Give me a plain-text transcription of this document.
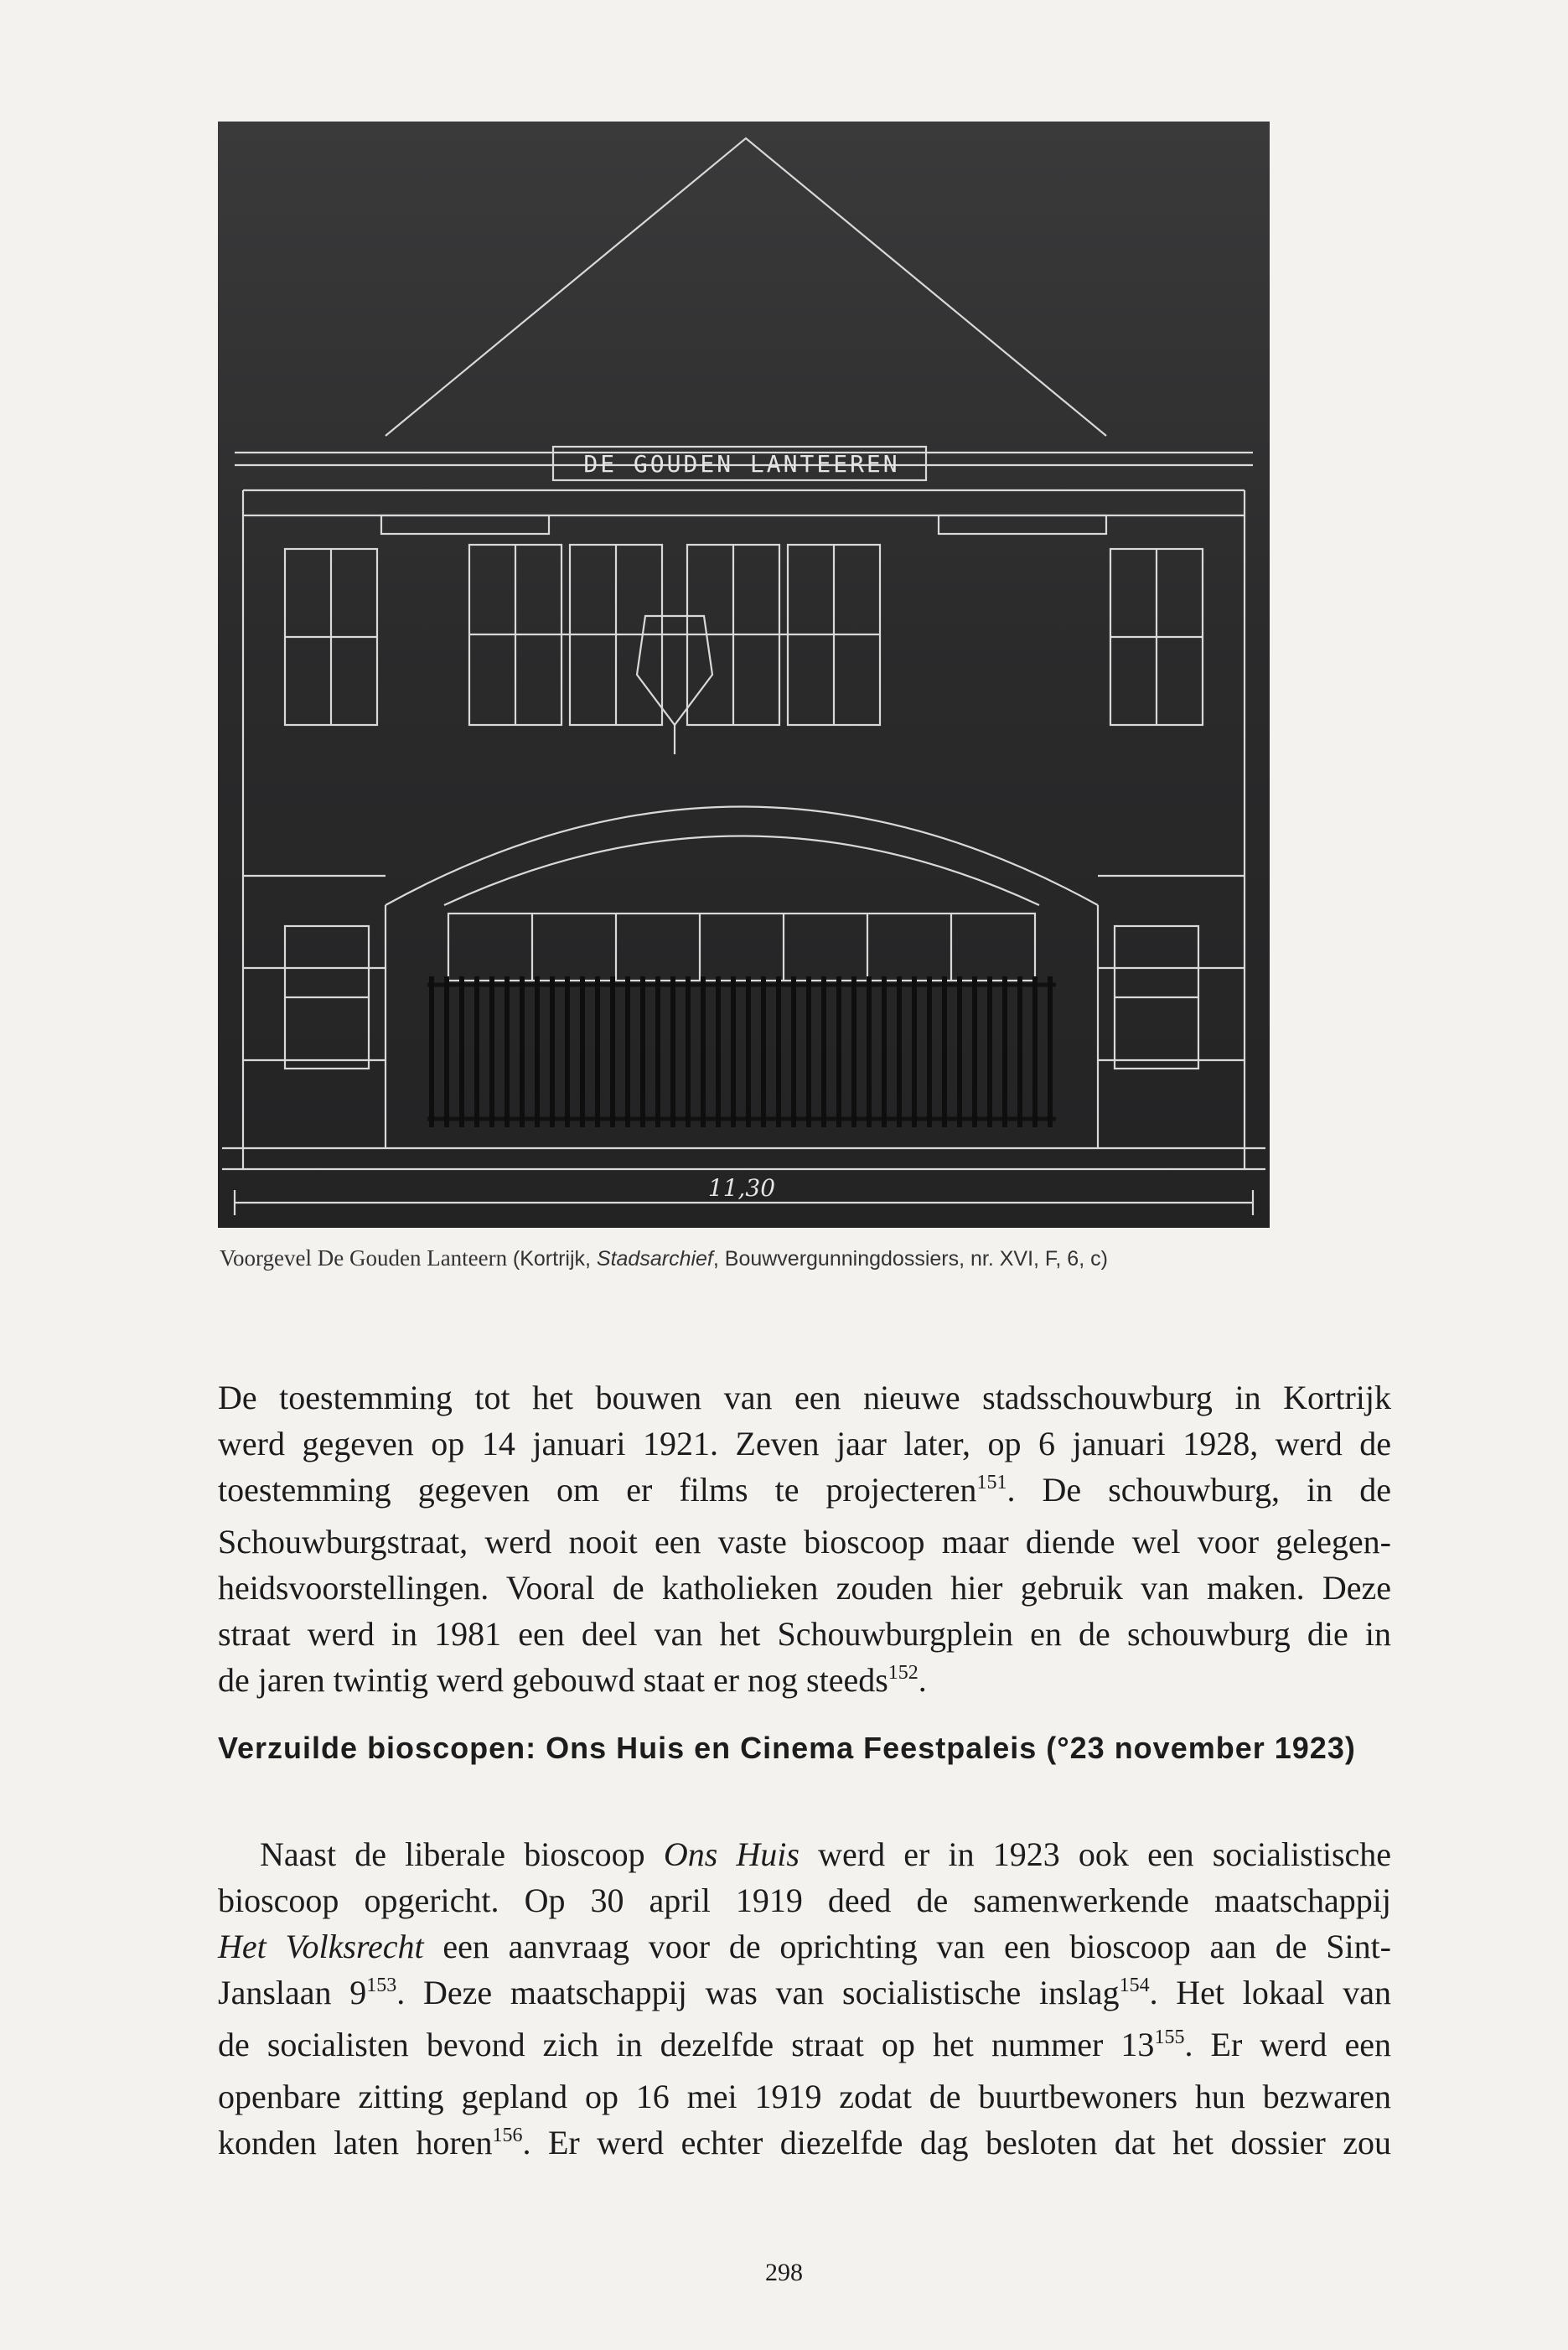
DE GOUDEN LANTEEREN
11,30
Voorgevel De Gouden Lanteern (Kortrijk, Stadsarchief, Bouwvergunningdossiers, nr. XVI, F, 6, c)
De toestemming tot het bouwen van een nieuwe stadsschouwburg in Kortrijk
werd gegeven op 14 januari 1921. Zeven jaar later, op 6 januari 1928, werd de
toestemming gegeven om er films te projecteren$^{151}$. De schouwburg, in de
Schouwburgstraat, werd nooit een vaste bioscoop maar diende wel voor gelegen-
heidsvoorstellingen. Vooral de katholieken zouden hier gebruik van maken. Deze
straat werd in 1981 een deel van het Schouwburgplein en de schouwburg die in
de jaren twintig werd gebouwd staat er nog steeds$^{152}$.
Verzuilde bioscopen: Ons Huis en Cinema Feestpaleis (°23 november 1923)
Naast de liberale bioscoop Ons Huis werd er in 1923 ook een socialistische
bioscoop opgericht. Op 30 april 1919 deed de samenwerkende maatschappij
Het Volksrecht een aanvraag voor de oprichting van een bioscoop aan de Sint-
Janslaan $9^{153}$. Deze maatschappij was van socialistische inslag$^{154}$. Het lokaal van
de socialisten bevond zich in dezelfde straat op het nummer $13^{155}$. Er werd een
openbare zitting gepland op 16 mei 1919 zodat de buurtbewoners hun bezwaren
konden laten horen$^{156}$. Er werd echter diezelfde dag besloten dat het dossier zou
298
